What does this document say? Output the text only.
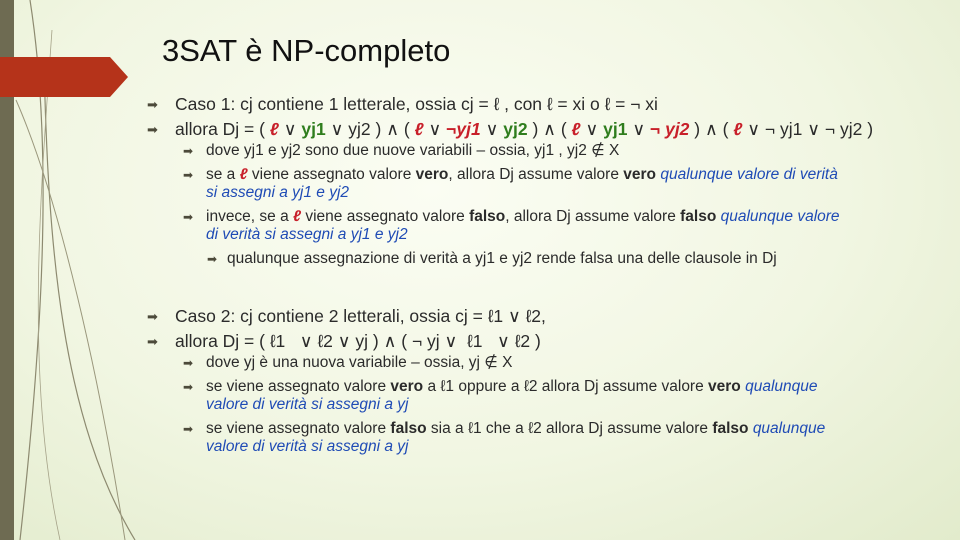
3SAT è NP-completo
➡ Caso 1: cj contiene 1 letterale, ossia cj = ℓ , con ℓ = xi o ℓ = ¬ xi
➡ allora Dj = ( ℓ ∨ yj1 ∨ yj2 ) ∧ ( ℓ ∨ ¬yj1 ∨ yj2 ) ∧ ( ℓ ∨ yj1 ∨ ¬ yj2 ) ∧ ( ℓ ∨ ¬ yj1 ∨ ¬ yj2 )
➡ dove yj1 e yj2 sono due nuove variabili – ossia, yj1 , yj2 ∉ X
➡ se a ℓ viene assegnato valore vero, allora Dj assume valore vero qualunque valore di verità
si assegni a yj1 e yj2
➡ invece, se a ℓ viene assegnato valore falso, allora Dj assume valore falso qualunque valore
di verità si assegni a yj1 e yj2
➡ qualunque assegnazione di verità a yj1 e yj2 rende falsa una delle clausole in Dj
➡ Caso 2: cj contiene 2 letterali, ossia cj = ℓ1 ∨ ℓ2,
➡ allora Dj = ( ℓ1   ∨ ℓ2 ∨ yj ) ∧ ( ¬ yj ∨  ℓ1   ∨ ℓ2 )
➡ dove yj è una nuova variabile – ossia, yj ∉ X
➡ se viene assegnato valore vero a ℓ1 oppure a ℓ2 allora Dj assume valore vero qualunque
valore di verità si assegni a yj
➡ se viene assegnato valore falso sia a ℓ1 che a ℓ2 allora Dj assume valore falso qualunque
valore di verità si assegni a yj
